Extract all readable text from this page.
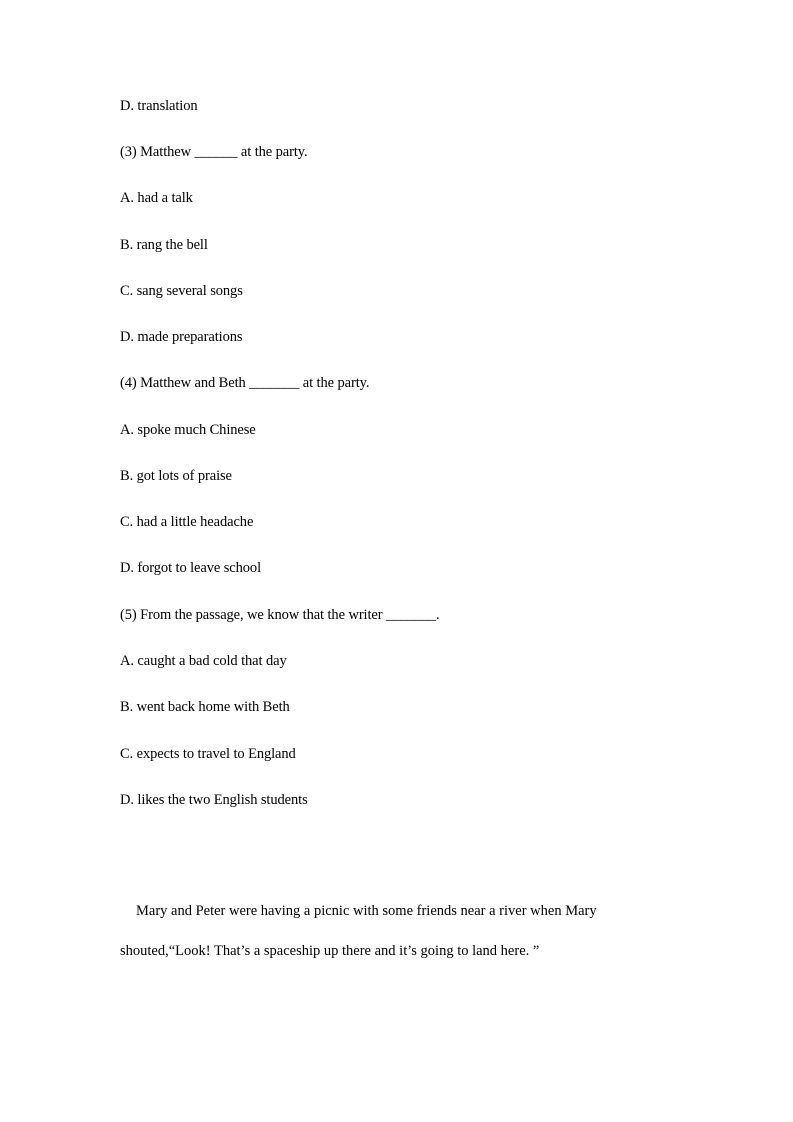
D. translation
(3) Matthew ______ at the party.
A. had a talk
B. rang the bell
C. sang several songs
D. made preparations
(4) Matthew and Beth _______ at the party.
A. spoke much Chinese
B. got lots of praise
C. had a little headache
D. forgot to leave school
(5) From the passage, we know that the writer _______.
A. caught a bad cold that day
B. went back home with Beth
C. expects to travel to England
D. likes the two English students
Mary and Peter were having a picnic with some friends near a river when Mary
shouted,“Look! That’s a spaceship up there and it’s going to land here. ”
